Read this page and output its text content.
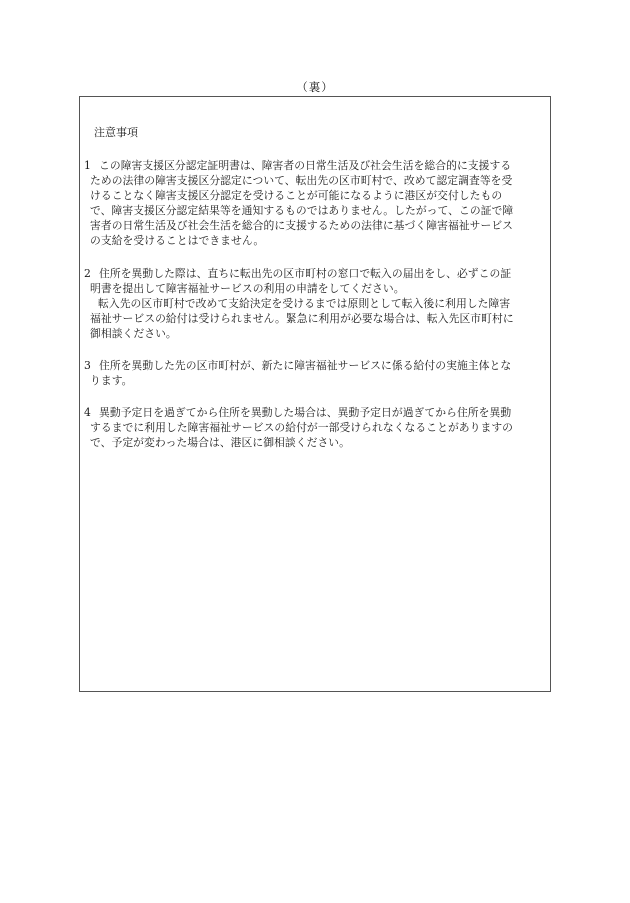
（裏）
注意事項
1 この障害支援区分認定証明書は、障害者の日常生活及び社会生活を総合的に支援する
ための法律の障害支援区分認定について、転出先の区市町村で、改めて認定調査等を受
けることなく障害支援区分認定を受けることが可能になるように港区が交付したもの
で、障害支援区分認定結果等を通知するものではありません。したがって、この証で障
害者の日常生活及び社会生活を総合的に支援するための法律に基づく障害福祉サービス
の支給を受けることはできません。
2 住所を異動した際は、直ちに転出先の区市町村の窓口で転入の届出をし、必ずこの証
明書を提出して障害福祉サービスの利用の申請をしてください。
転入先の区市町村で改めて支給決定を受けるまでは原則として転入後に利用した障害
福祉サービスの給付は受けられません。緊急に利用が必要な場合は、転入先区市町村に
御相談ください。
3 住所を異動した先の区市町村が、新たに障害福祉サービスに係る給付の実施主体とな
ります。
4 異動予定日を過ぎてから住所を異動した場合は、異動予定日が過ぎてから住所を異動
するまでに利用した障害福祉サービスの給付が一部受けられなくなることがありますの
で、予定が変わった場合は、港区に御相談ください。
